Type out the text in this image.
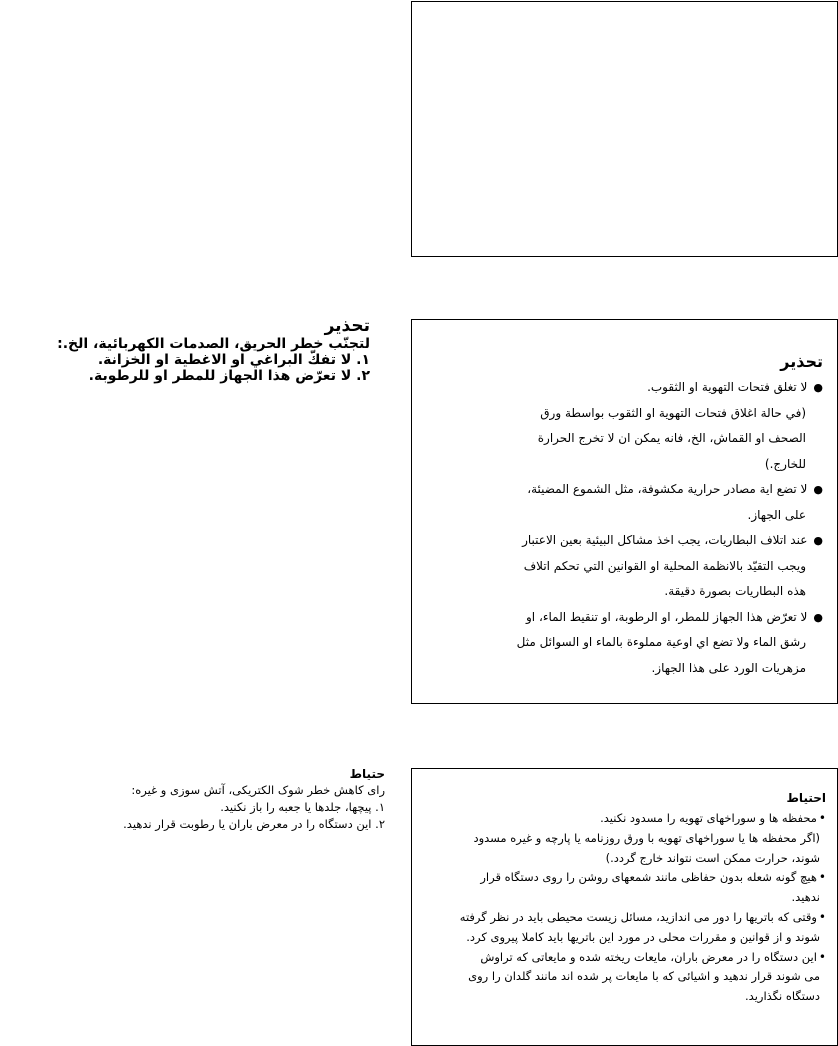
تحذير
لتجنّب خطر الحريق، الصدمات الكهربائية، الخ.:
١. لا تفكّ البراغي او الاغطية او الخزانة.
٢. لا تعرّض هذا الجهاز للمطر او للرطوبة.
تحذير
● لا تغلق فتحات التهوية او الثقوب.
(في حالة اغلاق فتحات التهوية او الثقوب بواسطة ورق
الصحف او القماش، الخ، فانه يمكن ان لا تخرج الحرارة
للخارج.)
● لا تضع اية مصادر حرارية مكشوفة، مثل الشموع المضيئة،
على الجهاز.
● عند اتلاف البطاريات، يجب اخذ مشاكل البيئية بعين الاعتبار
ويجب التقيّد بالانظمة المحلية او القوانين التي تحكم اتلاف
هذه البطاريات بصورة دقيقة.
● لا تعرّض هذا الجهاز للمطر، او الرطوبة، او تنقيط الماء، او
رشق الماء ولا تضع اي اوعية مملوءة بالماء او السوائل مثل
مزهريات الورد على هذا الجهاز.
حتياط
رای کاهش خطر شوک الکتریکی، آتش سوزی و غیره:
١. پیچها، جلدها یا جعبه را باز نکنید.
٢. این دستگاه را در معرض باران یا رطوبت قرار ندهید.
احتیاط
• محفظه ها و سوراخهای تهویه را مسدود نکنید.
(اگر محفظه ها یا سوراخهای تهویه با ورق روزنامه یا پارچه و غیره مسدود
شوند، حرارت ممکن است نتواند خارج گردد.)
• هیچ گونه شعله بدون حفاظی مانند شمعهای روشن را روی دستگاه قرار
ندهید.
• وقتی که باتریها را دور می اندازید، مسائل زیست محیطی باید در نظر گرفته
شوند و از قوانین و مقررات محلی در مورد این باتریها باید کاملا پیروی کرد.
• این دستگاه را در معرض باران، مایعات ریخته شده و مایعاتی که تراوش
می شوند قرار ندهید و اشیائی که با مایعات پر شده اند مانند گلدان را روی
دستگاه نگذارید.
